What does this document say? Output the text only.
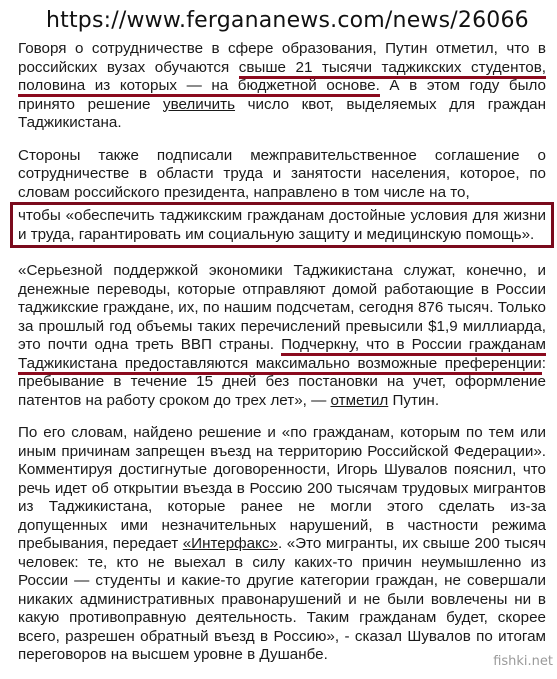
https://www.fergananews.com/news/26066

Говоря о сотрудничестве в сфере образования, Путин отметил, что в российских вузах обучаются свыше 21 тысячи таджикских студентов, половина из которых — на бюджетной основе. А в этом году было принято решение увеличить число квот, выделяемых для граждан Таджикистана.

Стороны также подписали межправительственное соглашение о сотрудничестве в области труда и занятости населения, которое, по словам российского президента, направлено в том числе на то,
чтобы «обеспечить таджикским гражданам достойные условия для жизни и труда, гарантировать им социальную защиту и медицинскую помощь».

«Серьезной поддержкой экономики Таджикистана служат, конечно, и денежные переводы, которые отправляют домой работающие в России таджикские граждане, их, по нашим подсчетам, сегодня 876 тысяч. Только за прошлый год объемы таких перечислений превысили $1,9 миллиарда, это почти одна треть ВВП страны. Подчеркну, что в России гражданам Таджикистана предоставляются максимально возможные преференции: пребывание в течение 15 дней без постановки на учет, оформление патентов на работу сроком до трех лет», — отметил Путин.

По его словам, найдено решение и «по гражданам, которым по тем или иным причинам запрещен въезд на территорию Российской Федерации». Комментируя достигнутые договоренности, Игорь Шувалов пояснил, что речь идет об открытии въезда в Россию 200 тысячам трудовых мигрантов из Таджикистана, которые ранее не могли этого сделать из-за допущенных ими незначительных нарушений, в частности режима пребывания, передает «Интерфакс». «Это мигранты, их свыше 200 тысяч человек: те, кто не выехал в силу каких-то причин неумышленно из России — студенты и какие-то другие категории граждан, не совершали никаких административных правонарушений и не были вовлечены ни в какую противоправную деятельность. Таким гражданам будет, скорее всего, разрешен обратный въезд в Россию», - сказал Шувалов по итогам переговоров на высшем уровне в Душанбе.	fishki.net
